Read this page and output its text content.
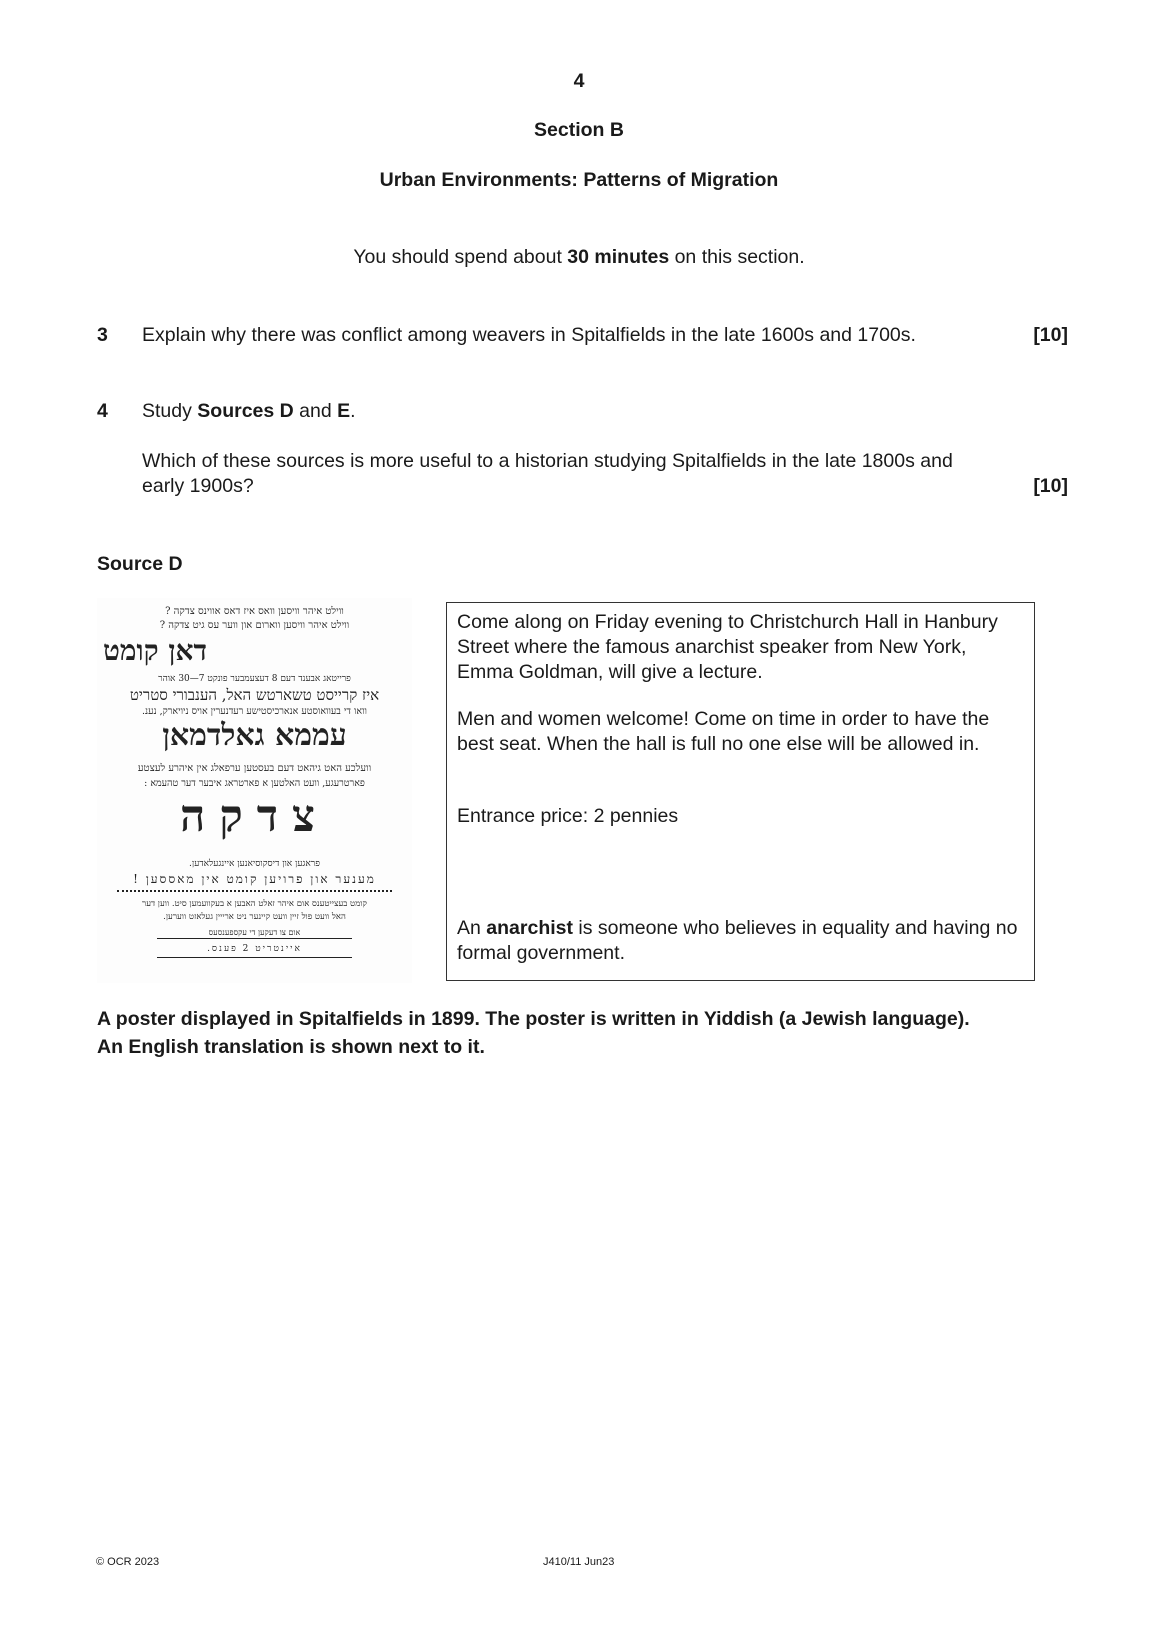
4
Section B
Urban Environments: Patterns of Migration
You should spend about 30 minutes on this section.
3 Explain why there was conflict among weavers in Spitalfields in the late 1600s and 1700s.	[10]
4 Study Sources D and E.
Which of these sources is more useful to a historian studying Spitalfields in the late 1800s and
early 1900s?	[10]
Source D
ווילט איהר וויסען וואס איז דאס אווינס צדקה ?
ווילט איהר וויסען ווארום און ווער עס גיט צדקה ?
דאן קומט
פרייטאג אבענד דעם 8 דעצעמבער פונקט 7—30 אוהר
איז קרייסט טשארטש האל, הענבורי סטריט
וואו די בעוואוסטע אנארכיסטישע רעדנערין אויס ניויארק, נענ.
עממא גאלדמאן
וועלכע האט גיהאט דעם בעסטען ערפאלג אין איהרע לעצטע
פארטרעגע, וועט האלטען א פארטראג איבער דער טהעמא :
צדקה
פראגען און דיסקוסיאנען איינגעלאדען.
מענער און פרויען קומט אין מאססען !
קומט בעצייטענס אום איהר זאלט האבען א בעקוועמען סיט. ווען דער
האל וועט פול זיין וועט קיינער ניט ארייין געלאזט ווערען.
אום צו דעקען די עקספענסעס
איינטריט 2 פענס.

Come along on Friday evening to Christchurch Hall in Hanbury Street where the famous anarchist speaker from New York, Emma Goldman, will give a lecture.

Men and women welcome! Come on time in order to have the best seat. When the hall is full no one else will be allowed in.

Entrance price: 2 pennies

An anarchist is someone who believes in equality and having no formal government.

A poster displayed in Spitalfields in 1899. The poster is written in Yiddish (a Jewish language).
An English translation is shown next to it.
© OCR 2023	J410/11 Jun23
